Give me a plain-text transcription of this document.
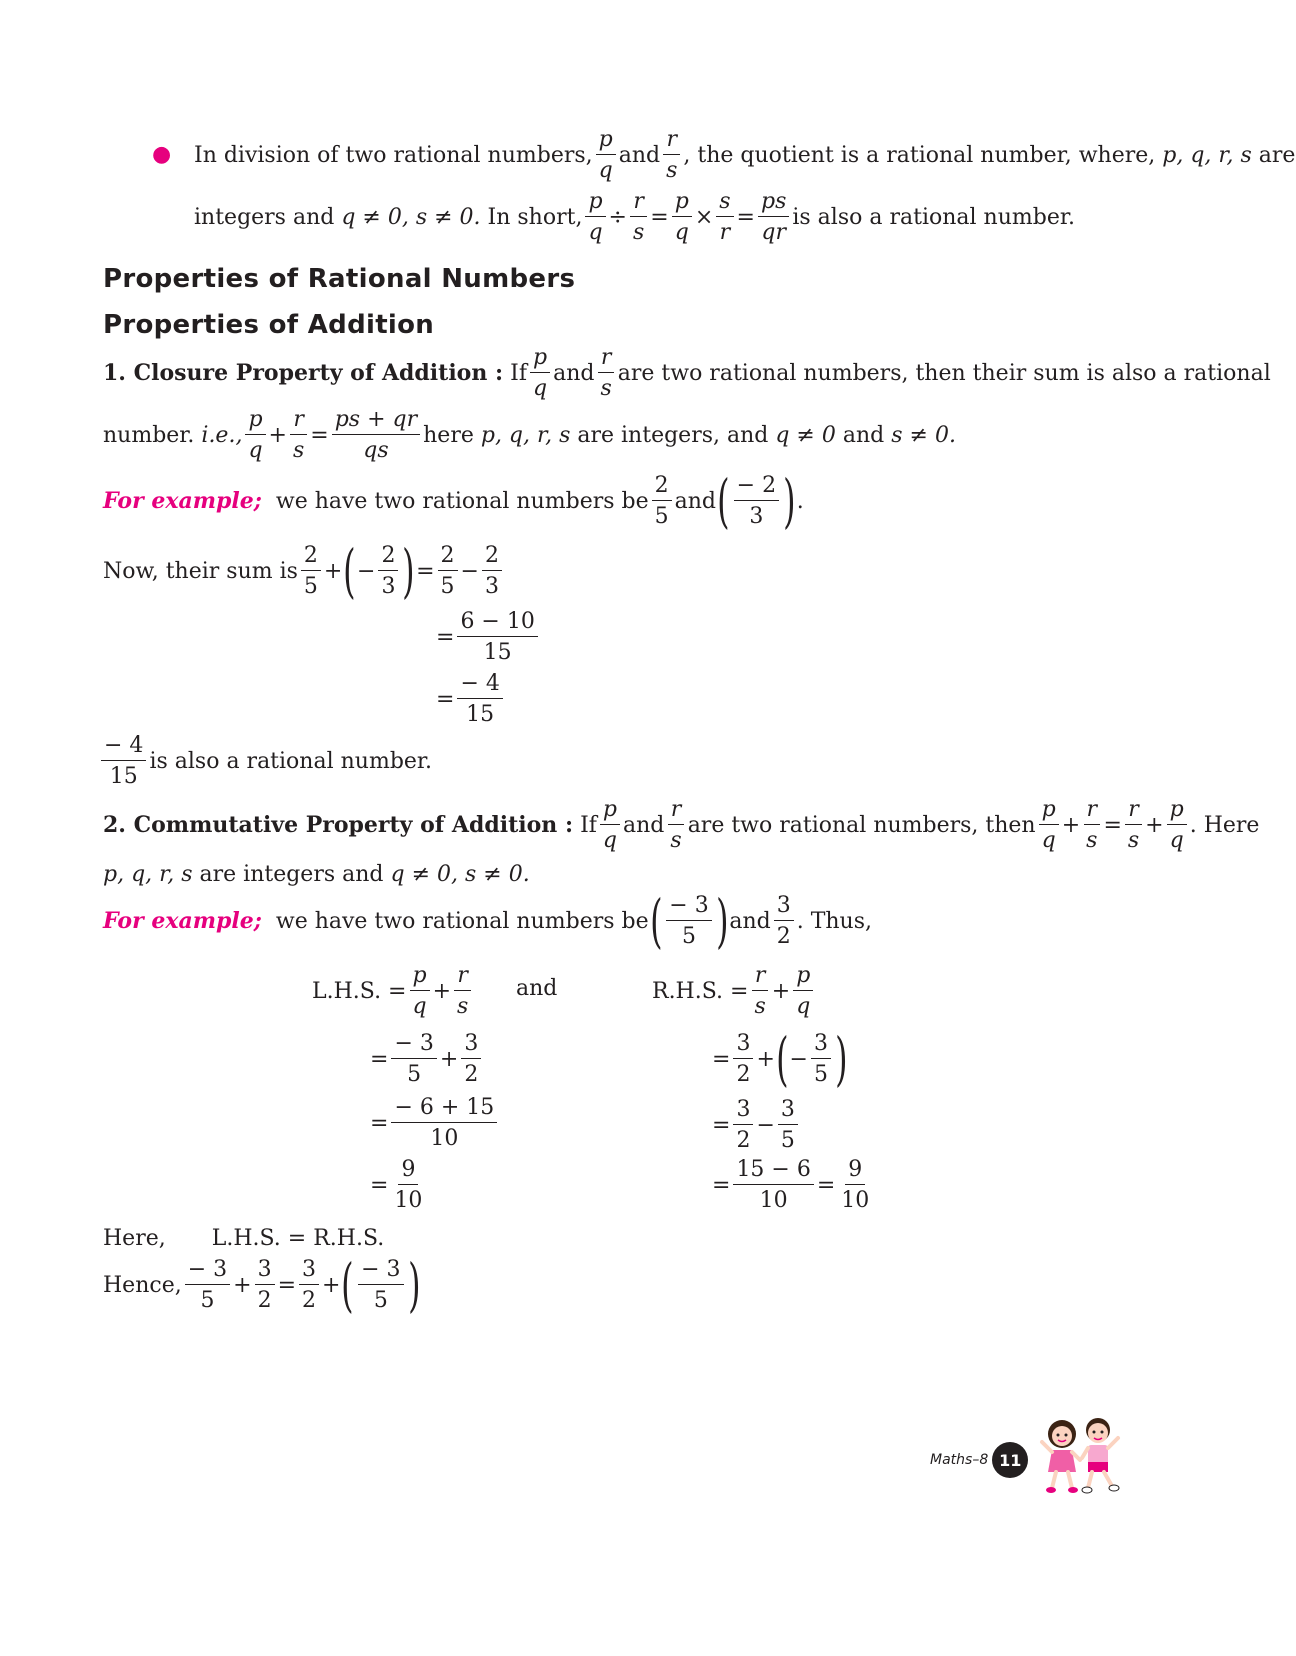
● In division of two rational numbers, $\frac{p}{q}$ and $\frac{r}{s}$ , the quotient is a rational number, where,
p, q, r, s
are
integers and
q ≠ 0, s ≠ 0.
In short, $\frac{p}{q} \div \frac{r}{s} = \frac{p}{q} \times \frac{s}{r} = \frac{ps}{qr}$ is also a rational number.
Properties of Rational Numbers
Properties of Addition
1. Closure Property of Addition :
If $\frac{p}{q}$ and $\frac{r}{s}$ are two rational numbers, then their sum is also a rational
number.
i.e., $\frac{p}{q} + \frac{r}{s} = \frac{ps + qr}{qs}$ here
p, q, r, s
are integers, and
q ≠ 0
and
s ≠ 0.
For example;
we have two rational numbers be $\frac{2}{5}$ and ( $\frac{- 2}{3}$ ) .
Now, their sum is $\frac{2}{5}$ + ( − $\frac{2}{3}$ ) = $\frac{2}{5} - \frac{2}{3}$
= $\frac{6 - 10}{15}$
= $\frac{- 4}{15}$
$\frac{- 4}{15}$ is also a rational number.
2. Commutative Property of Addition :
If $\frac{p}{q}$ and $\frac{r}{s}$ are two rational numbers, then $\frac{p}{q} + \frac{r}{s} = \frac{r}{s} + \frac{p}{q}$ . Here
p, q, r, s
are integers and
q ≠ 0, s ≠ 0.
For example;
we have two rational numbers be ( $\frac{- 3}{5}$ ) and $\frac{3}{2}$ . Thus,
L.H.S. = $\frac{p}{q} + \frac{r}{s}$ and
= $\frac{- 3}{5} + \frac{3}{2}$
= $\frac{- 6 + 15}{10}$
= $\frac{9}{10}$
R.H.S. = $\frac{r}{s} + \frac{p}{q}$
= $\frac{3}{2}$ + ( − $\frac{3}{5}$ )
= $\frac{3}{2} - \frac{3}{5}$
= $\frac{15 - 6}{10} = \frac{9}{10}$
Here, L.H.S. = R.H.S.
Hence, $\frac{- 3}{5} + \frac{3}{2} = \frac{3}{2}$ + ( $\frac{- 3}{5}$ )
Maths–8 11
